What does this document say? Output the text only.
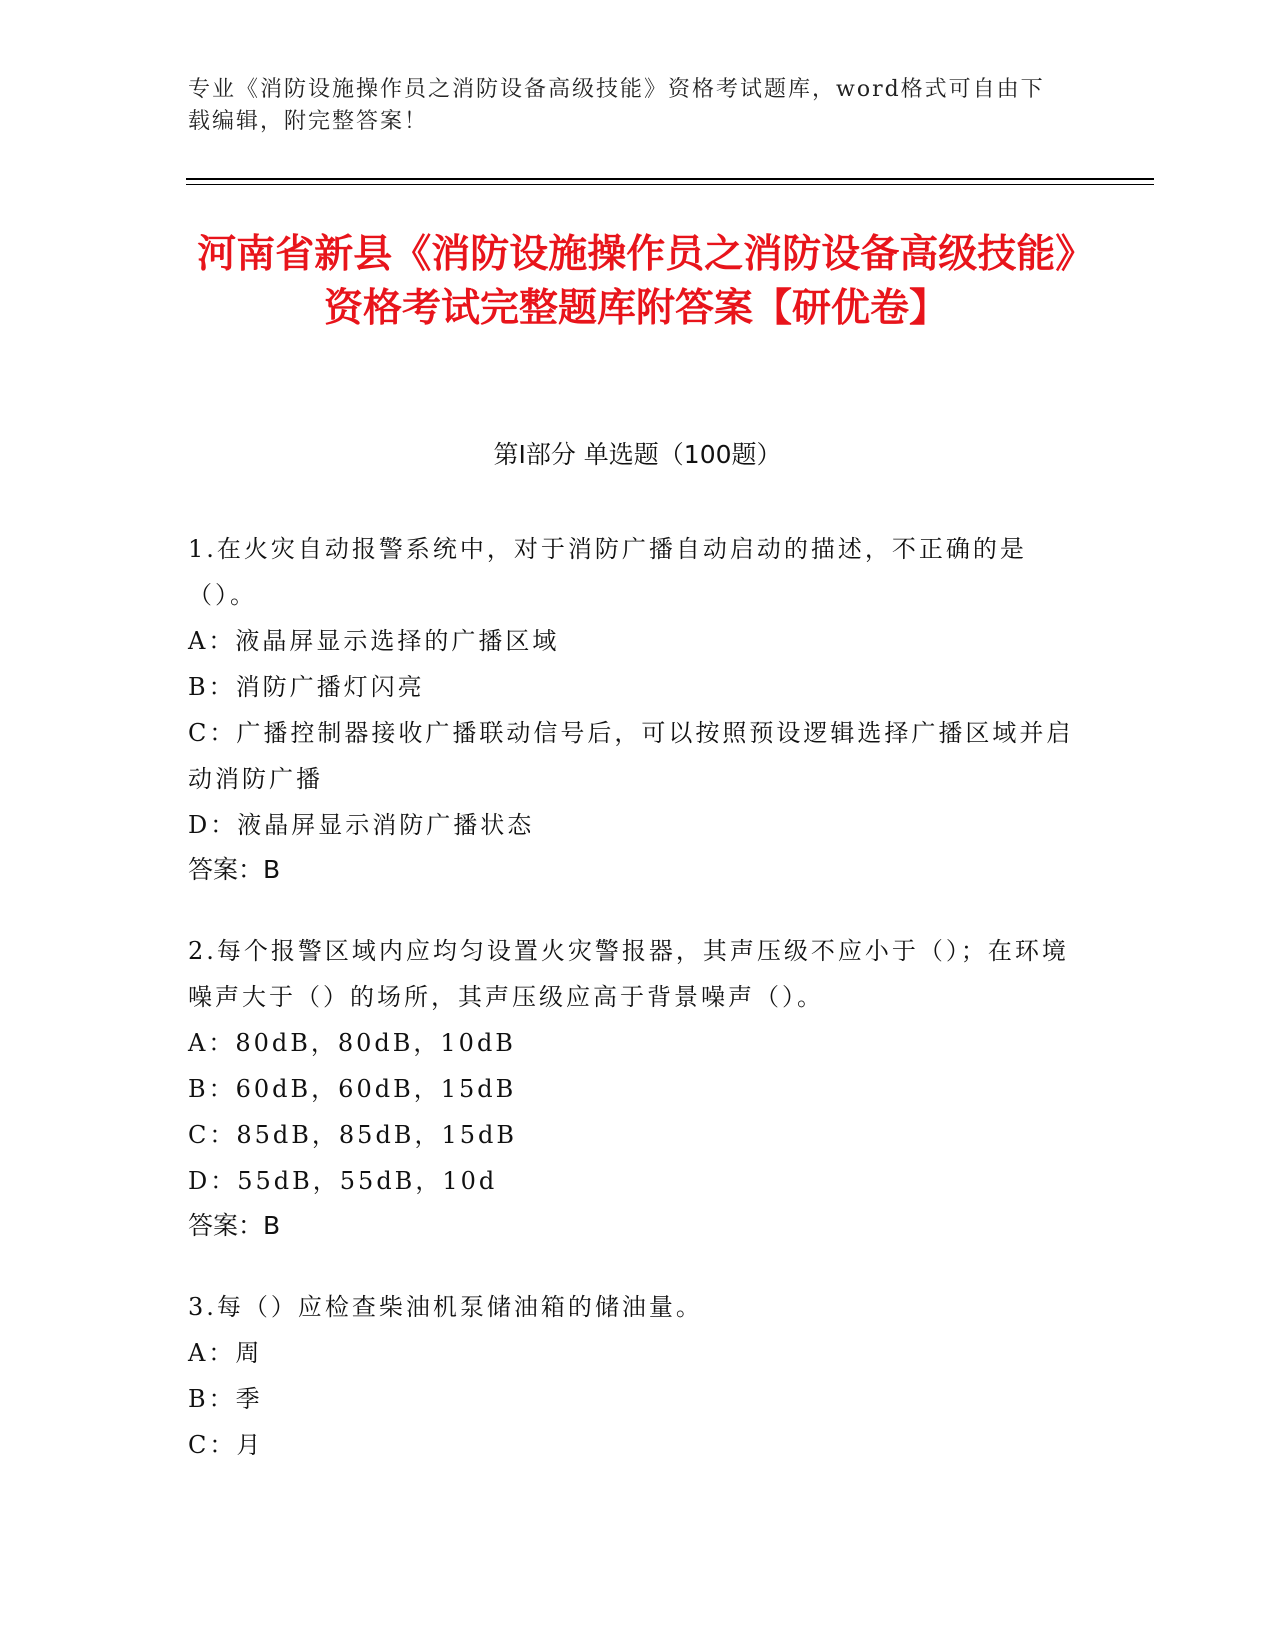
专业《消防设施操作员之消防设备高级技能》资格考试题库，word格式可自由下载编辑，附完整答案！
河南省新县《消防设施操作员之消防设备高级技能》资格考试完整题库附答案【研优卷】
第I部分 单选题（100题）
1.在火灾自动报警系统中，对于消防广播自动启动的描述，不正确的是（）。
A：液晶屏显示选择的广播区域
B：消防广播灯闪亮
C：广播控制器接收广播联动信号后，可以按照预设逻辑选择广播区域并启动消防广播
D：液晶屏显示消防广播状态
答案：B
2.每个报警区域内应均匀设置火灾警报器，其声压级不应小于（）；在环境噪声大于（）的场所，其声压级应高于背景噪声（）。
A：80dB，80dB，10dB
B：60dB，60dB，15dB
C：85dB，85dB，15dB
D：55dB，55dB，10d
答案：B
3.每（）应检查柴油机泵储油箱的储油量。
A：周
B：季
C：月
